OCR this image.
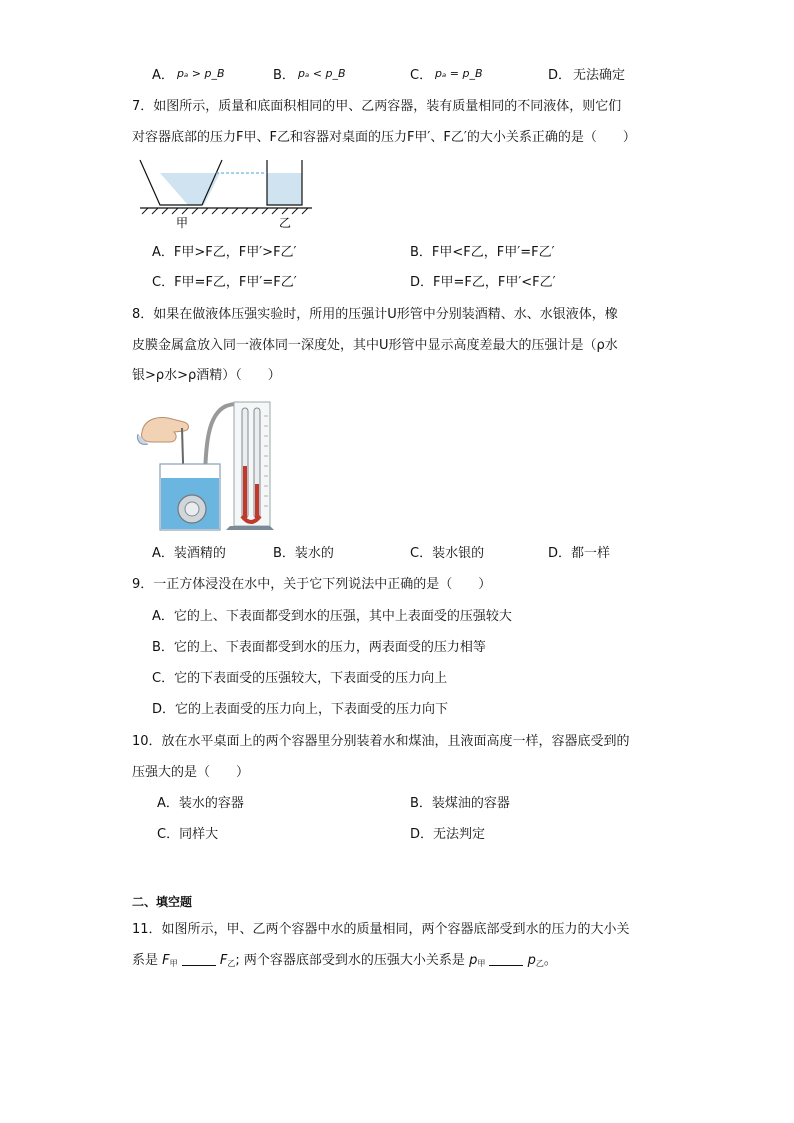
A． pₐ > p_B	B． pₐ < p_B	C． pₐ = p_B	D． 无法确定
7．如图所示，质量和底面积相同的甲、乙两容器，装有质量相同的不同液体，则它们
对容器底部的压力F甲、F乙和容器对桌面的压力F甲′、F乙′的大小关系正确的是（　　）
甲	乙
A．F甲>F乙，F甲′>F乙′	B．F甲<F乙，F甲′=F乙′
C．F甲=F乙，F甲′=F乙′	D．F甲=F乙，F甲′<F乙′
8．如果在做液体压强实验时，所用的压强计U形管中分别装酒精、水、水银液体，橡
皮膜金属盒放入同一液体同一深度处，其中U形管中显示高度差最大的压强计是（ρ水
银>ρ水>ρ酒精）（　　）
A．装酒精的	B．装水的	C．装水银的	D．都一样
9．一正方体浸没在水中，关于它下列说法中正确的是（　　）
A．它的上、下表面都受到水的压强，其中上表面受的压强较大
B．它的上、下表面都受到水的压力，两表面受的压力相等
C．它的下表面受的压强较大，下表面受的压力向上
D．它的上表面受的压力向上，下表面受的压力向下
10．放在水平桌面上的两个容器里分别装着水和煤油，且液面高度一样，容器底受到的
压强大的是（　　）
A．装水的容器	B．装煤油的容器
C．同样大	D．无法判定
二、填空题
11．如图所示，甲、乙两个容器中水的质量相同，两个容器底部受到水的压力的大小关
系是 $F_甲$	$F_乙$; 两个容器底部受到水的压强大小关系是 $p_甲$	$p_乙$。
